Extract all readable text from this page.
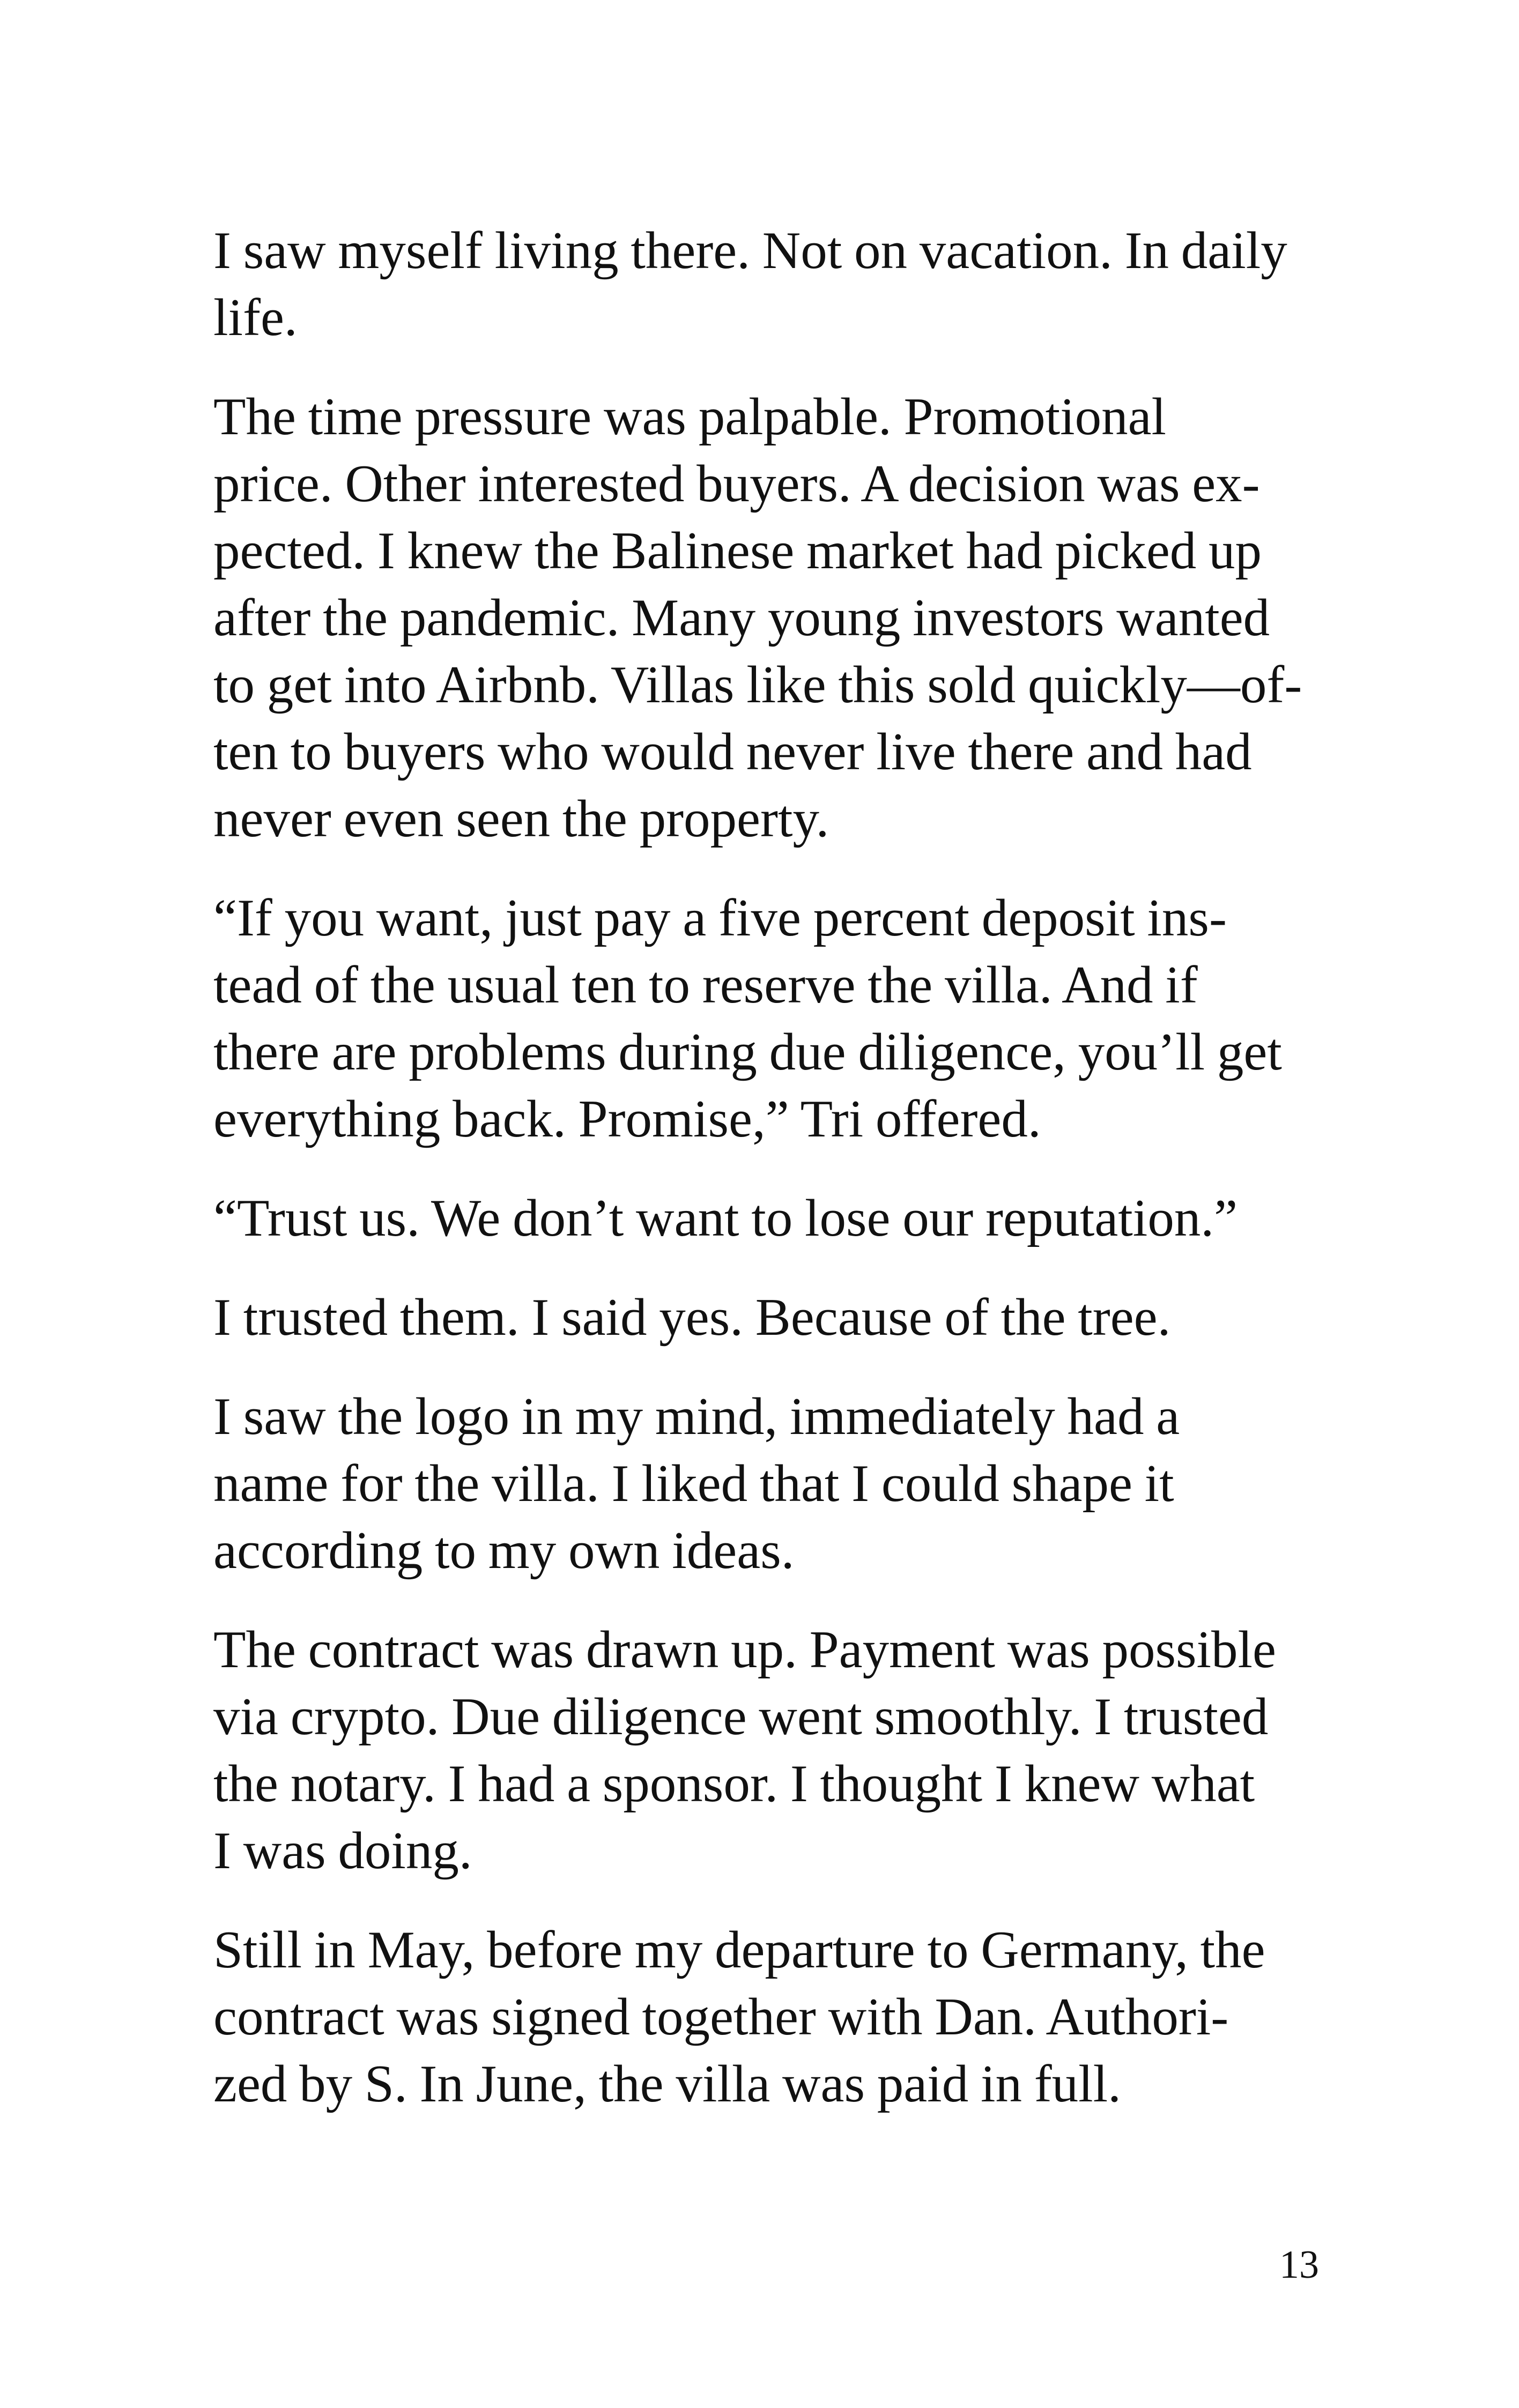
I saw myself living there. Not on vacation. In daily
life.

The time pressure was palpable. Promotional
price. Other interested buyers. A decision was ex-
pected. I knew the Balinese market had picked up
after the pandemic. Many young investors wanted
to get into Airbnb. Villas like this sold quickly—of-
ten to buyers who would never live there and had
never even seen the property.

“If you want, just pay a five percent deposit ins-
tead of the usual ten to reserve the villa. And if
there are problems during due diligence, you’ll get
everything back. Promise,” Tri offered.

“Trust us. We don’t want to lose our reputation.”

I trusted them. I said yes. Because of the tree.

I saw the logo in my mind, immediately had a
name for the villa. I liked that I could shape it
according to my own ideas.

The contract was drawn up. Payment was possible
via crypto. Due diligence went smoothly. I trusted
the notary. I had a sponsor. I thought I knew what
I was doing.

Still in May, before my departure to Germany, the
contract was signed together with Dan. Authori-
zed by S. In June, the villa was paid in full.

13
